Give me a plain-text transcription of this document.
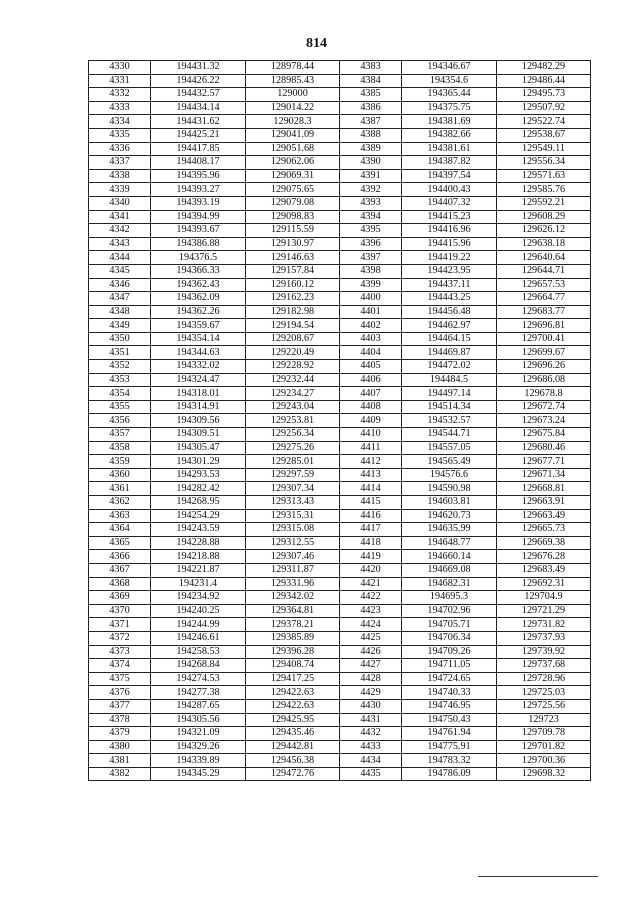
814
4330	194431.32	128978.44	4383	194346.67	129482.29
4331	194426.22	128985.43	4384	194354.6	129486.44
4332	194432.57	129000	4385	194365.44	129495.73
4333	194434.14	129014.22	4386	194375.75	129507.92
4334	194431.62	129028.3	4387	194381.69	129522.74
4335	194425.21	129041.09	4388	194382.66	129538.67
4336	194417.85	129051.68	4389	194381.61	129549.11
4337	194408.17	129062.06	4390	194387.82	129556.34
4338	194395.96	129069.31	4391	194397.54	129571.63
4339	194393.27	129075.65	4392	194400.43	129585.76
4340	194393.19	129079.08	4393	194407.32	129592.21
4341	194394.99	129098.83	4394	194415.23	129608.29
4342	194393.67	129115.59	4395	194416.96	129626.12
4343	194386.88	129130.97	4396	194415.96	129638.18
4344	194376.5	129146.63	4397	194419.22	129640.64
4345	194366.33	129157.84	4398	194423.95	129644.71
4346	194362.43	129160.12	4399	194437.11	129657.53
4347	194362.09	129162.23	4400	194443.25	129664.77
4348	194362.26	129182.98	4401	194456.48	129683.77
4349	194359.67	129194.54	4402	194462.97	129696.81
4350	194354.14	129208.67	4403	194464.15	129700.41
4351	194344.63	129220.49	4404	194469.87	129699.67
4352	194332.02	129228.92	4405	194472.02	129696.26
4353	194324.47	129232.44	4406	194484.5	129686.08
4354	194318.01	129234.27	4407	194497.14	129678.8
4355	194314.91	129243.04	4408	194514.34	129672.74
4356	194309.56	129253.81	4409	194532.57	129673.24
4357	194309.51	129256.34	4410	194544.71	129675.84
4358	194305.47	129275.26	4411	194557.05	129680.46
4359	194301.29	129285.01	4412	194565.49	129677.71
4360	194293.53	129297.59	4413	194576.6	129671.34
4361	194282.42	129307.34	4414	194590.98	129668.81
4362	194268.95	129313.43	4415	194603.81	129663.91
4363	194254.29	129315.31	4416	194620.73	129663.49
4364	194243.59	129315.08	4417	194635.99	129665.73
4365	194228.88	129312.55	4418	194648.77	129669.38
4366	194218.88	129307.46	4419	194660.14	129676.28
4367	194221.87	129311.87	4420	194669.08	129683.49
4368	194231.4	129331.96	4421	194682.31	129692.31
4369	194234.92	129342.02	4422	194695.3	129704.9
4370	194240.25	129364.81	4423	194702.96	129721.29
4371	194244.99	129378.21	4424	194705.71	129731.82
4372	194246.61	129385.89	4425	194706.34	129737.93
4373	194258.53	129396.28	4426	194709.26	129739.92
4374	194268.84	129408.74	4427	194711.05	129737.68
4375	194274.53	129417.25	4428	194724.65	129728.96
4376	194277.38	129422.63	4429	194740.33	129725.03
4377	194287.65	129422.63	4430	194746.95	129725.56
4378	194305.56	129425.95	4431	194750.43	129723
4379	194321.09	129435.46	4432	194761.94	129709.78
4380	194329.26	129442.81	4433	194775.91	129701.82
4381	194339.89	129456.38	4434	194783.32	129700.36
4382	194345.29	129472.76	4435	194786.09	129698.32
